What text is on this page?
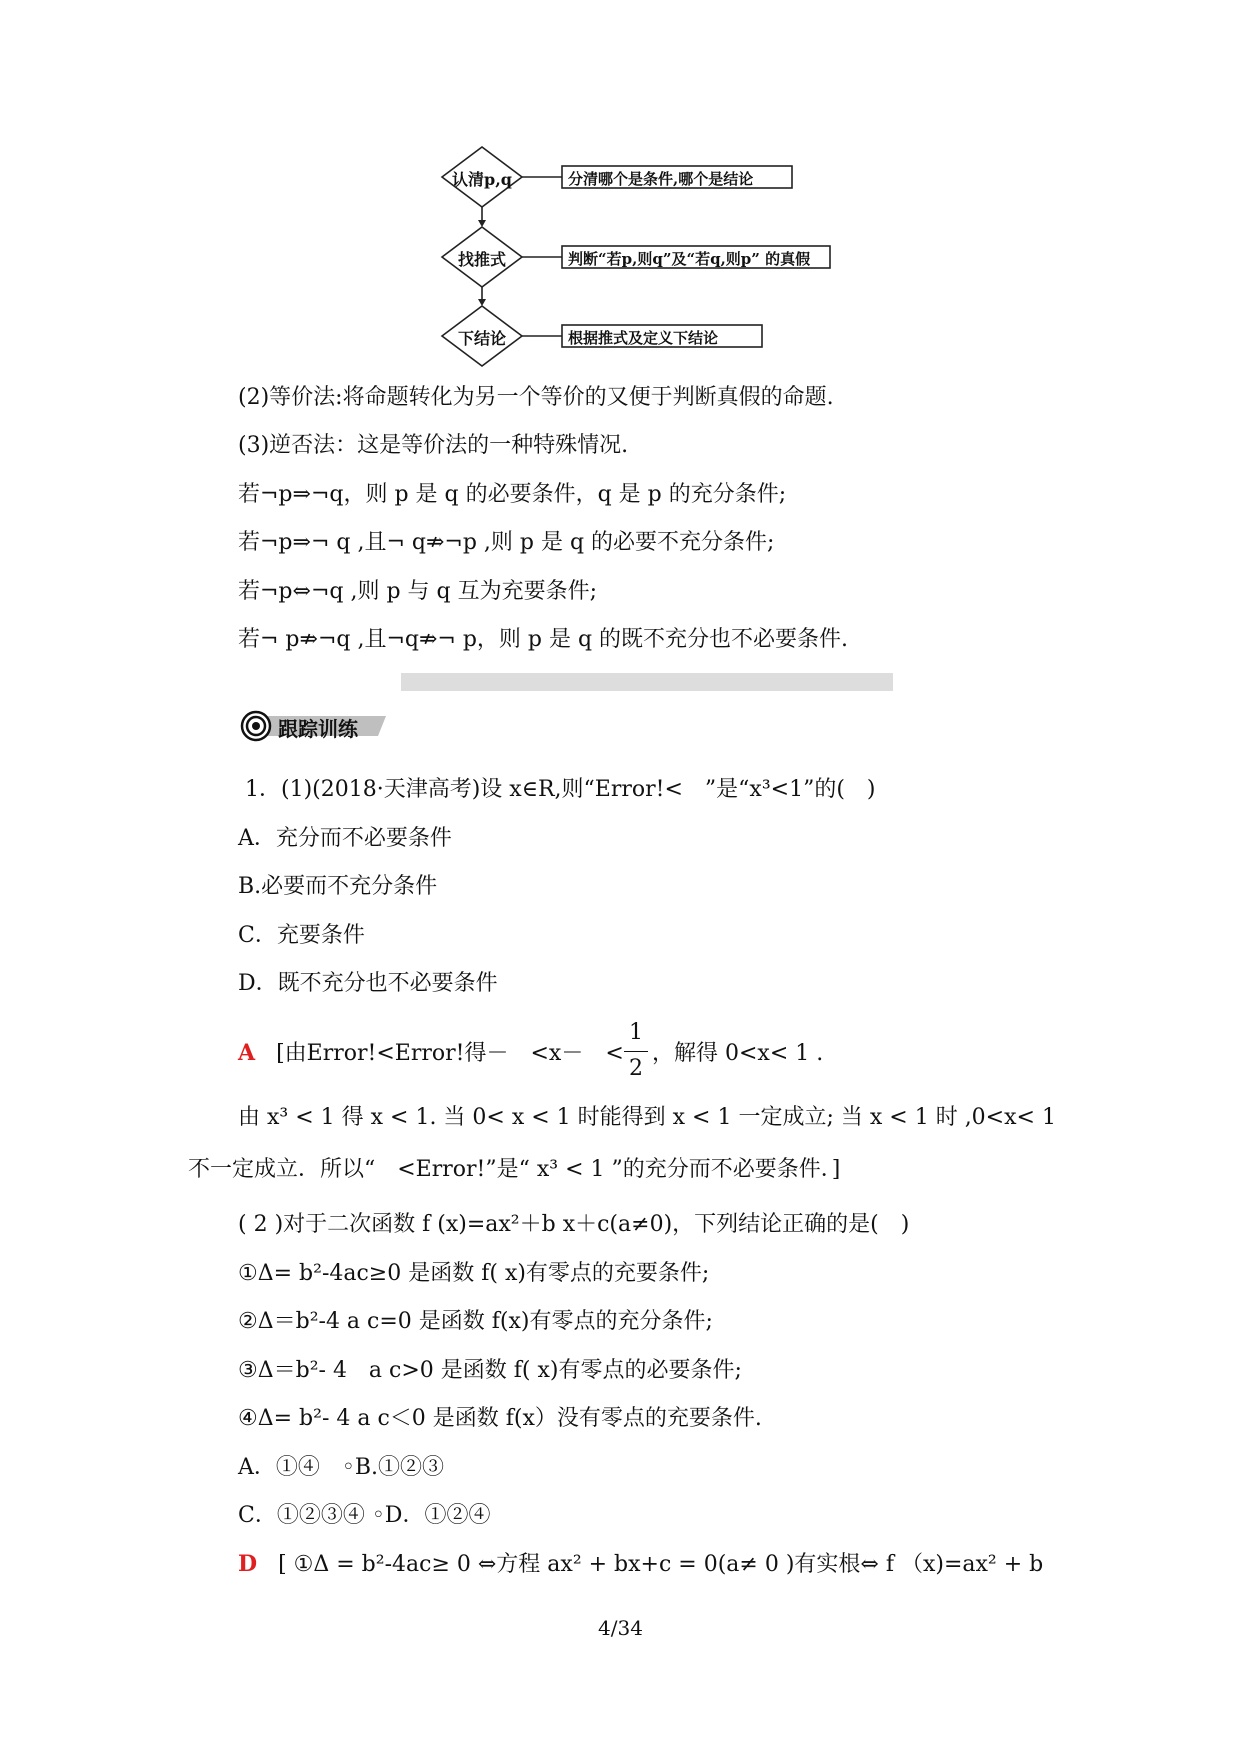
认清p,q
找推式
下结论
分清哪个是条件,哪个是结论
判断“若p,则q”及“若q,则p” 的真假
根据推式及定义下结论
(2)等价法:将命题转化为另一个等价的又便于判断真假的命题.
(3)逆否法：这是等价法的一种特殊情况.
若¬p⇒¬q，则 p 是 q 的必要条件，q 是 p 的充分条件;
若¬p⇒¬ q ,且¬ q⇏¬p ,则 p 是 q 的必要不充分条件;
若¬p⇔¬q ,则 p 与 q 互为充要条件;
若¬ p⇏¬q ,且¬q⇏¬ p，则 p 是 q 的既不充分也不必要条件.
跟踪训练
1．(1)(2018·天津高考)设 x∈R,则“Error!<　”是“x³<1”的(　)
A．充分而不必要条件
B.必要而不充分条件
C．充要条件
D．既不充分也不必要条件
A [由Error!<Error!得－　<x－　<
1
2
，解得 0<x< 1 .
由 x³ < 1 得 x < 1. 当 0< x < 1 时能得到 x < 1 一定成立; 当 x < 1 时 ,0<x< 1
不一定成立．所以“　<Error!”是“ x³ < 1 ”的充分而不必要条件．]
( 2 )对于二次函数 f (x)=ax²＋b x＋c(a≠0)，下列结论正确的是(　)
①Δ= b²-4ac≥0 是函数 f( x)有零点的充要条件;
②Δ＝b²-4 a c=0 是函数 f(x)有零点的充分条件;
③Δ＝b²- 4　a c>0 是函数 f( x)有零点的必要条件;
④Δ= b²- 4 a c＜0 是函数 f(x）没有零点的充要条件.
A．①④　◦B.①②③
C．①②③④ ◦D．①②④
D [ ①Δ = b²-4ac≥ 0 ⇔方程 ax² + bx+c = 0(a≠ 0 )有实根⇔ f （x)=ax² + b
4/34
